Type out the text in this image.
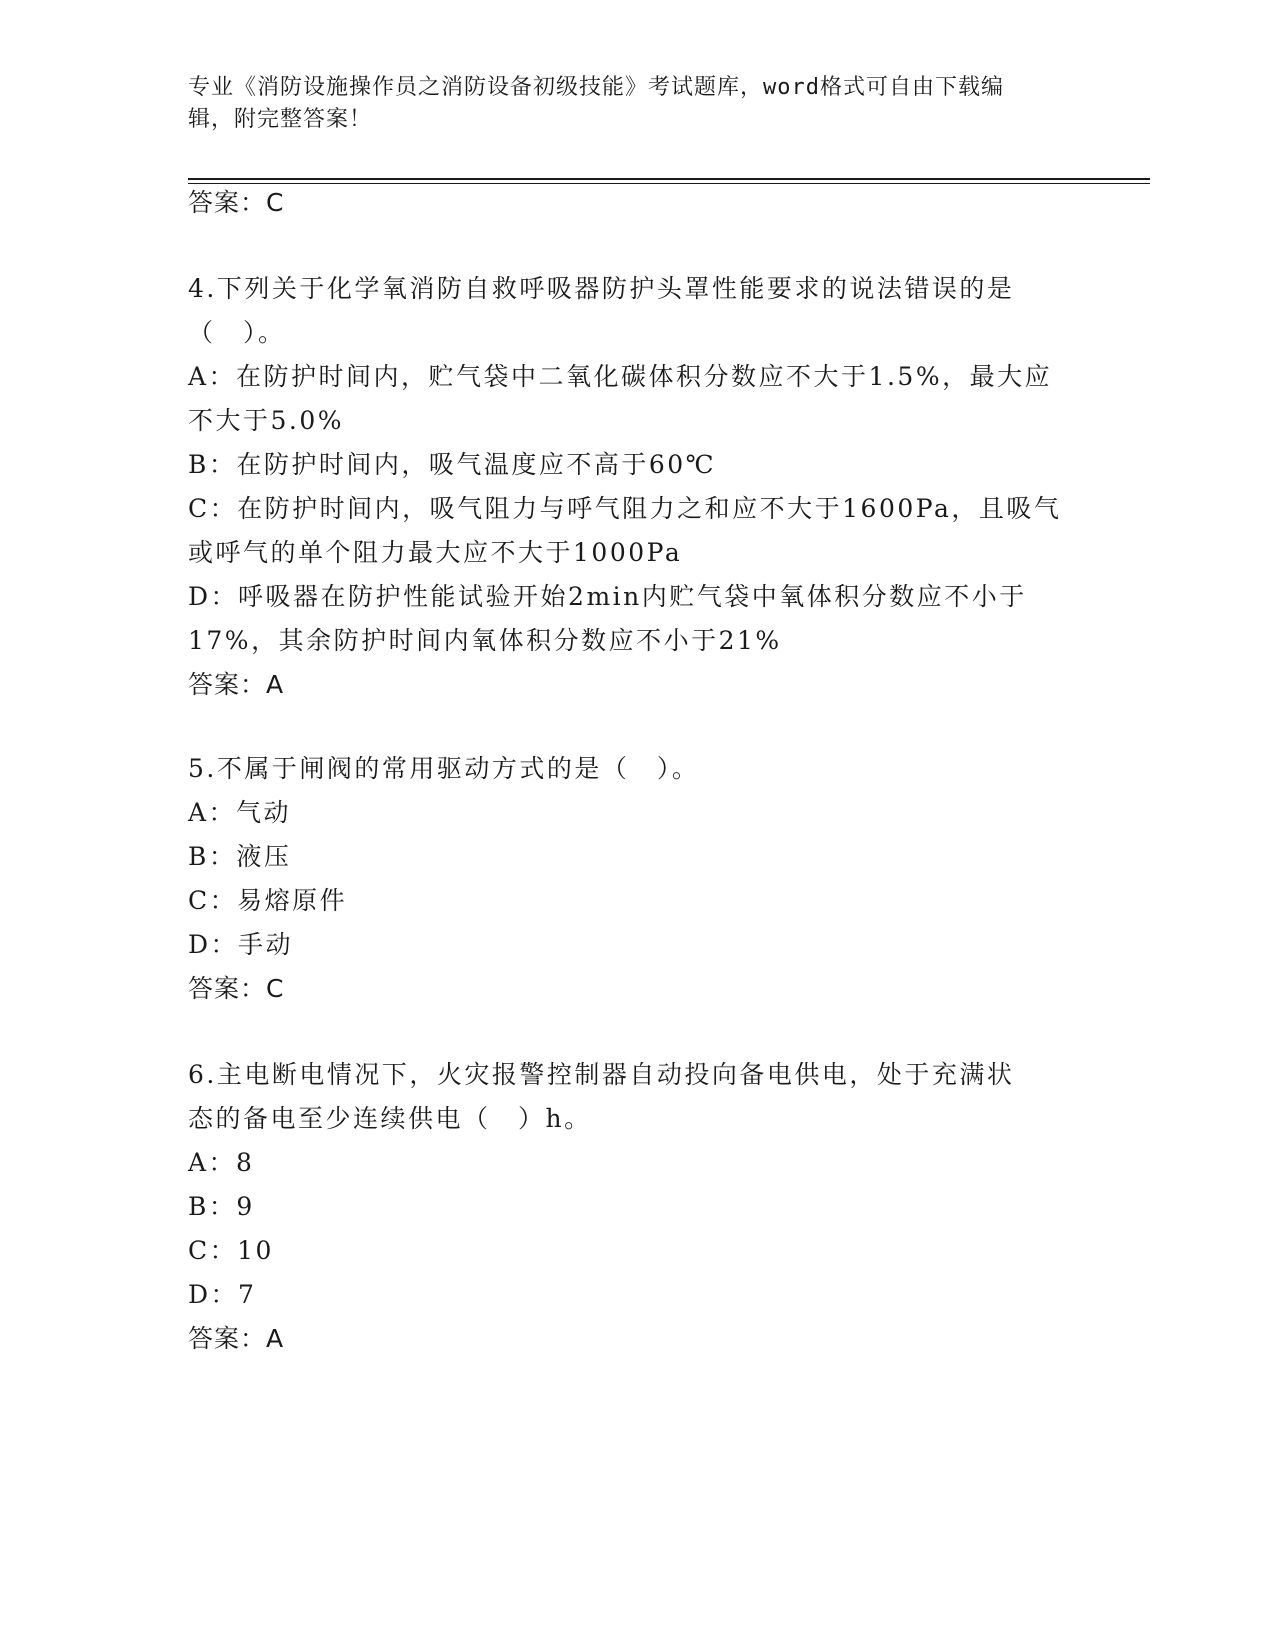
专业《消防设施操作员之消防设备初级技能》考试题库，word格式可自由下载编
辑，附完整答案！
答案：C
4.下列关于化学氧消防自救呼吸器防护头罩性能要求的说法错误的是
（　）。
A：在防护时间内，贮气袋中二氧化碳体积分数应不大于1.5%，最大应
不大于5.0%
B：在防护时间内，吸气温度应不高于60℃
C：在防护时间内，吸气阻力与呼气阻力之和应不大于1600Pa，且吸气
或呼气的单个阻力最大应不大于1000Pa
D：呼吸器在防护性能试验开始2min内贮气袋中氧体积分数应不小于
17%，其余防护时间内氧体积分数应不小于21%
答案：A
5.不属于闸阀的常用驱动方式的是（　）。
A：气动
B：液压
C：易熔原件
D：手动
答案：C
6.主电断电情况下，火灾报警控制器自动投向备电供电，处于充满状
态的备电至少连续供电（　）h。
A：8
B：9
C：10
D：7
答案：A
